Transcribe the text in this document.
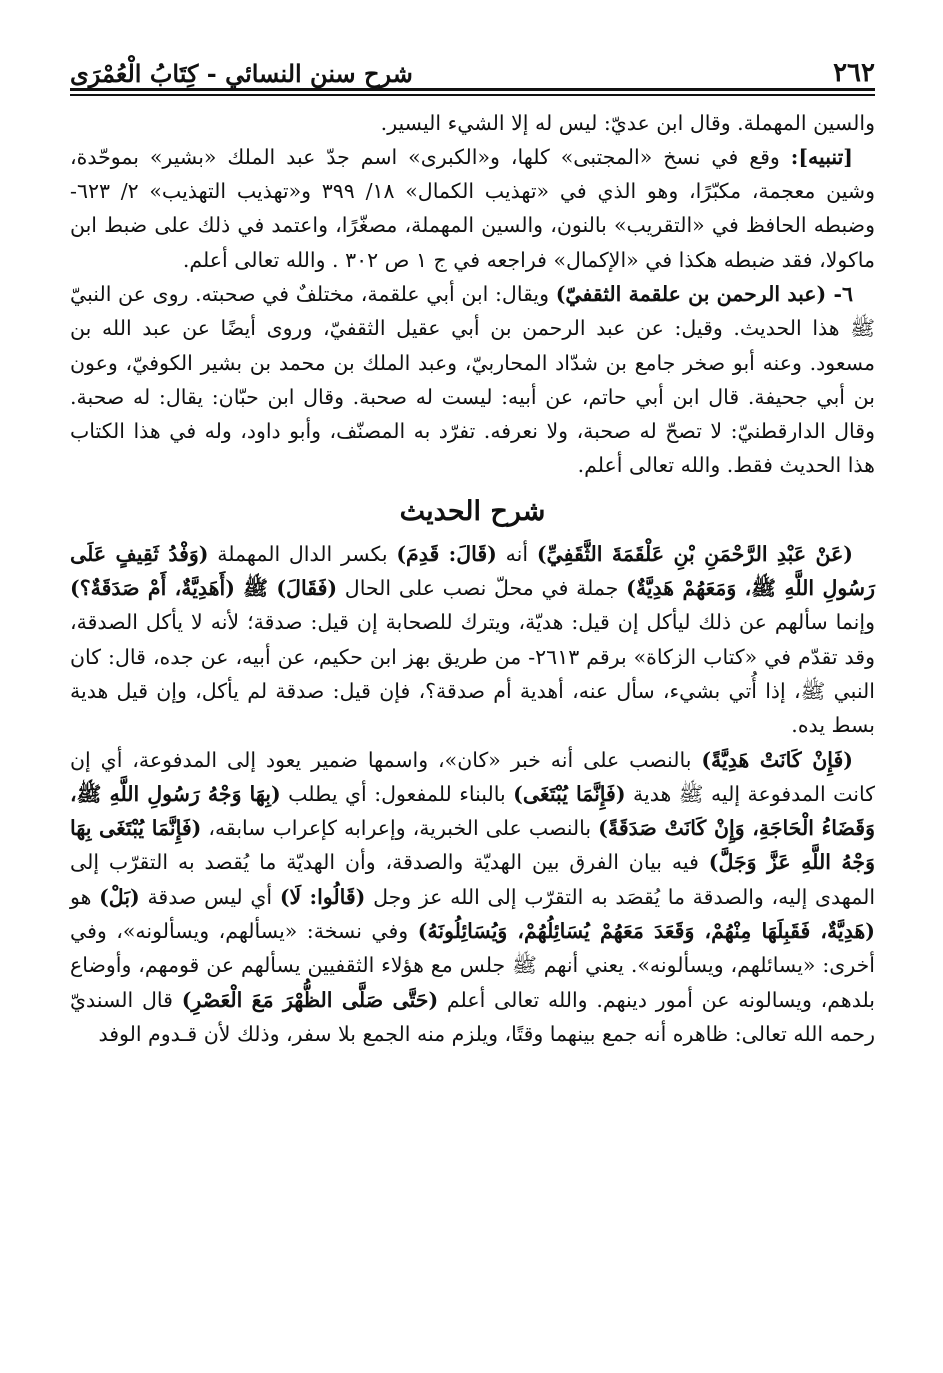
٢٦٢
شرح سنن النسائي - كِتَابُ الْعُمْرَى

والسين المهملة. وقال ابن عديّ: ليس له إلا الشيء اليسير.

[تنبيه]: وقع في نسخ «المجتبى» كلها، و«الكبرى» اسم جدّ عبد الملك «بشير» بموحّدة، وشين معجمة، مكبّرًا، وهو الذي في «تهذيب الكمال» ١٨/ ٣٩٩ و«تهذيب التهذيب» ٢/ ٦٢٣- وضبطه الحافظ في «التقريب» بالنون، والسين المهملة، مصغّرًا، واعتمد في ذلك على ضبط ابن ماكولا، فقد ضبطه هكذا في «الإكمال» فراجعه في ج ١ ص ٣٠٢ . والله تعالى أعلم.

٦- (عبد الرحمن بن علقمة الثقفيّ) ويقال: ابن أبي علقمة، مختلفٌ في صحبته. روى عن النبيّ ﷺ هذا الحديث. وقيل: عن عبد الرحمن بن أبي عقيل الثقفيّ، وروى أيضًا عن عبد الله بن مسعود. وعنه أبو صخر جامع بن شدّاد المحاربيّ، وعبد الملك بن محمد بن بشير الكوفيّ، وعون بن أبي جحيفة. قال ابن أبي حاتم، عن أبيه: ليست له صحبة. وقال ابن حبّان: يقال: له صحبة. وقال الدارقطنيّ: لا تصحّ له صحبة، ولا نعرفه. تفرّد به المصنّف، وأبو داود، وله في هذا الكتاب هذا الحديث فقط. والله تعالى أعلم.

شرح الحديث

(عَنْ عَبْدِ الرَّحْمَنِ بْنِ عَلْقَمَةَ الثَّقَفِيِّ) أنه (قَالَ: قَدِمَ) بكسر الدال المهملة (وَفْدُ ثَقِيفٍ عَلَى رَسُولِ اللَّهِ ﷺ، وَمَعَهُمْ هَدِيَّةٌ) جملة في محلّ نصب على الحال (فَقَالَ) ﷺ (أَهَدِيَّةٌ، أَمْ صَدَقَةٌ؟) وإنما سألهم عن ذلك ليأكل إن قيل: هديّة، ويترك للصحابة إن قيل: صدقة؛ لأنه لا يأكل الصدقة، وقد تقدّم في «كتاب الزكاة» برقم ٢٦١٣- من طريق بهز ابن حكيم، عن أبيه، عن جده، قال: كان النبي ﷺ، إذا أُتي بشيء، سأل عنه، أهدية أم صدقة؟، فإن قيل: صدقة لم يأكل، وإن قيل هدية بسط يده.

(فَإِنْ كَانَتْ هَدِيَّةً) بالنصب على أنه خبر «كان»، واسمها ضمير يعود إلى المدفوعة، أي إن كانت المدفوعة إليه ﷺ هدية (فَإِنَّمَا يُبْتَغَى) بالبناء للمفعول: أي يطلب (بِهَا وَجْهُ رَسُولِ اللَّهِ ﷺ، وَقَضَاءُ الْحَاجَةِ، وَإِنْ كَانَتْ صَدَقَةً) بالنصب على الخبرية، وإعرابه كإعراب سابقه، (فَإِنَّمَا يُبْتَغَى بِهَا وَجْهُ اللَّهِ عَزَّ وَجَلَّ) فيه بيان الفرق بين الهديّة والصدقة، وأن الهديّة ما يُقصد به التقرّب إلى المهدى إليه، والصدقة ما يُقصَد به التقرّب إلى الله عز وجل (قَالُوا: لَا) أي ليس صدقة (بَلْ) هو (هَدِيَّةٌ، فَقَبِلَهَا مِنْهُمْ، وَقَعَدَ مَعَهُمْ يُسَائِلُهُمْ، وَيُسَائِلُونَهُ) وفي نسخة: «يسألهم، ويسألونه»، وفي أخرى: «يسائلهم، ويسألونه». يعني أنهم ﷺ جلس مع هؤلاء الثقفيين يسألهم عن قومهم، وأوضاع بلدهم، ويسالونه عن أمور دينهم. والله تعالى أعلم (حَتَّى صَلَّى الظُّهْرَ مَعَ الْعَصْرِ) قال السنديّ رحمه الله تعالى: ظاهره أنه جمع بينهما وقتًا، ويلزم منه الجمع بلا سفر، وذلك لأن قـدوم الوفد
